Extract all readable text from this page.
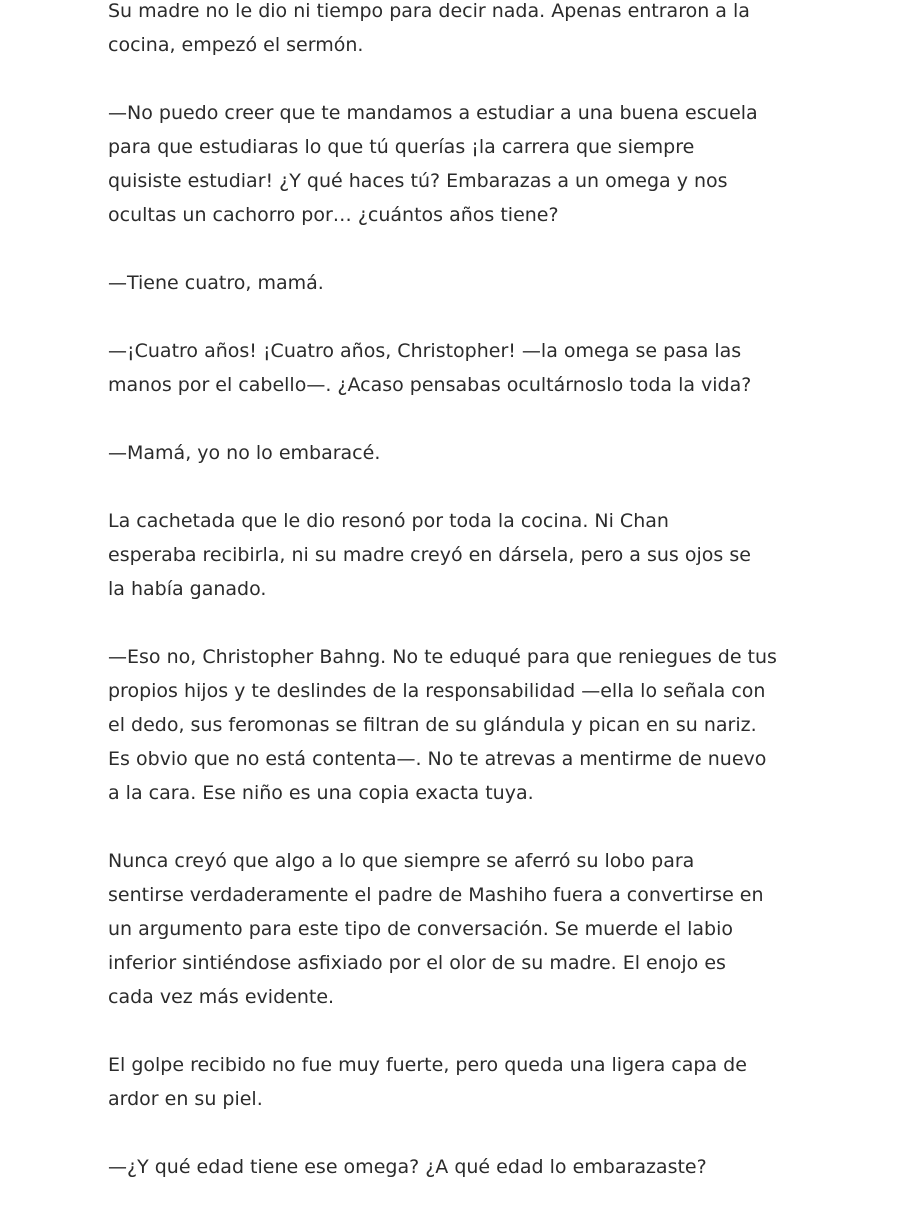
Su madre no le dio ni tiempo para decir nada. Apenas entraron a la
cocina, empezó el sermón.

—No puedo creer que te mandamos a estudiar a una buena escuela
para que estudiaras lo que tú querías ¡la carrera que siempre
quisiste estudiar! ¿Y qué haces tú? Embarazas a un omega y nos
ocultas un cachorro por… ¿cuántos años tiene?

—Tiene cuatro, mamá.

—¡Cuatro años! ¡Cuatro años, Christopher! —la omega se pasa las
manos por el cabello—. ¿Acaso pensabas ocultárnoslo toda la vida?

—Mamá, yo no lo embaracé.

La cachetada que le dio resonó por toda la cocina. Ni Chan
esperaba recibirla, ni su madre creyó en dársela, pero a sus ojos se
la había ganado.

—Eso no, Christopher Bahng. No te eduqué para que reniegues de tus
propios hijos y te deslindes de la responsabilidad —ella lo señala con
el dedo, sus feromonas se filtran de su glándula y pican en su nariz.
Es obvio que no está contenta—. No te atrevas a mentirme de nuevo
a la cara. Ese niño es una copia exacta tuya.

Nunca creyó que algo a lo que siempre se aferró su lobo para
sentirse verdaderamente el padre de Mashiho fuera a convertirse en
un argumento para este tipo de conversación. Se muerde el labio
inferior sintiéndose asfixiado por el olor de su madre. El enojo es
cada vez más evidente.

El golpe recibido no fue muy fuerte, pero queda una ligera capa de
ardor en su piel.

—¿Y qué edad tiene ese omega? ¿A qué edad lo embarazaste?
